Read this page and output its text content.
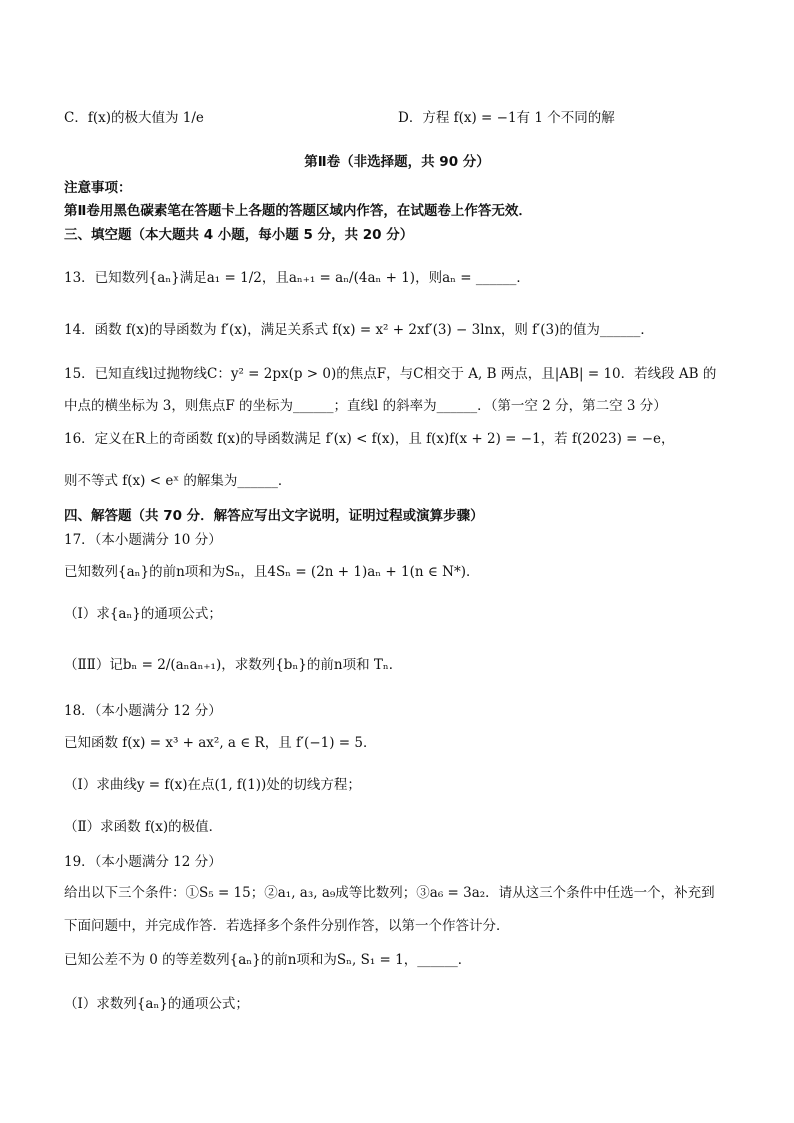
C．f(x)的极大值为 1/e	D．方程 f(x) = −1有 1 个不同的解
第Ⅱ卷（非选择题，共 90 分）
注意事项：
第Ⅱ卷用黑色碳素笔在答题卡上各题的答题区域内作答，在试题卷上作答无效．
三、填空题（本大题共 4 小题，每小题 5 分，共 20 分）
13．已知数列{aₙ}满足a₁ = 1/2，且aₙ₊₁ = aₙ/(4aₙ + 1)，则aₙ = ______．
14．函数 f(x)的导函数为 f′(x)，满足关系式 f(x) = x² + 2xf′(3) − 3lnx，则 f′(3)的值为______．
15．已知直线l过抛物线C：y² = 2px(p > 0)的焦点F，与C相交于 A, B 两点，且|AB| = 10．若线段 AB 的
中点的横坐标为 3，则焦点F 的坐标为______；直线l 的斜率为______．（第一空 2 分，第二空 3 分）
16．定义在R上的奇函数 f(x)的导函数满足 f′(x) < f(x)，且 f(x)f(x + 2) = −1，若 f(2023) = −e，
则不等式 f(x) < eˣ 的解集为______．
四、解答题（共 70 分．解答应写出文字说明，证明过程或演算步骤）
17．（本小题满分 10 分）
已知数列{aₙ}的前n项和为Sₙ，且4Sₙ = (2n + 1)aₙ + 1(n ∈ N*)．
（Ⅰ）求{aₙ}的通项公式；
（ⅡⅡ）记bₙ = 2/(aₙaₙ₊₁)，求数列{bₙ}的前n项和 Tₙ．
18．（本小题满分 12 分）
已知函数 f(x) = x³ + ax², a ∈ R，且 f′(−1) = 5．
（Ⅰ）求曲线y = f(x)在点(1, f(1))处的切线方程；
（Ⅱ）求函数 f(x)的极值．
19．（本小题满分 12 分）
给出以下三个条件：①S₅ = 15；②a₁, a₃, a₉成等比数列；③a₆ = 3a₂．请从这三个条件中任选一个，补充到
下面问题中，并完成作答．若选择多个条件分别作答，以第一个作答计分．
已知公差不为 0 的等差数列{aₙ}的前n项和为Sₙ, S₁ = 1，______．
（Ⅰ）求数列{aₙ}的通项公式；
